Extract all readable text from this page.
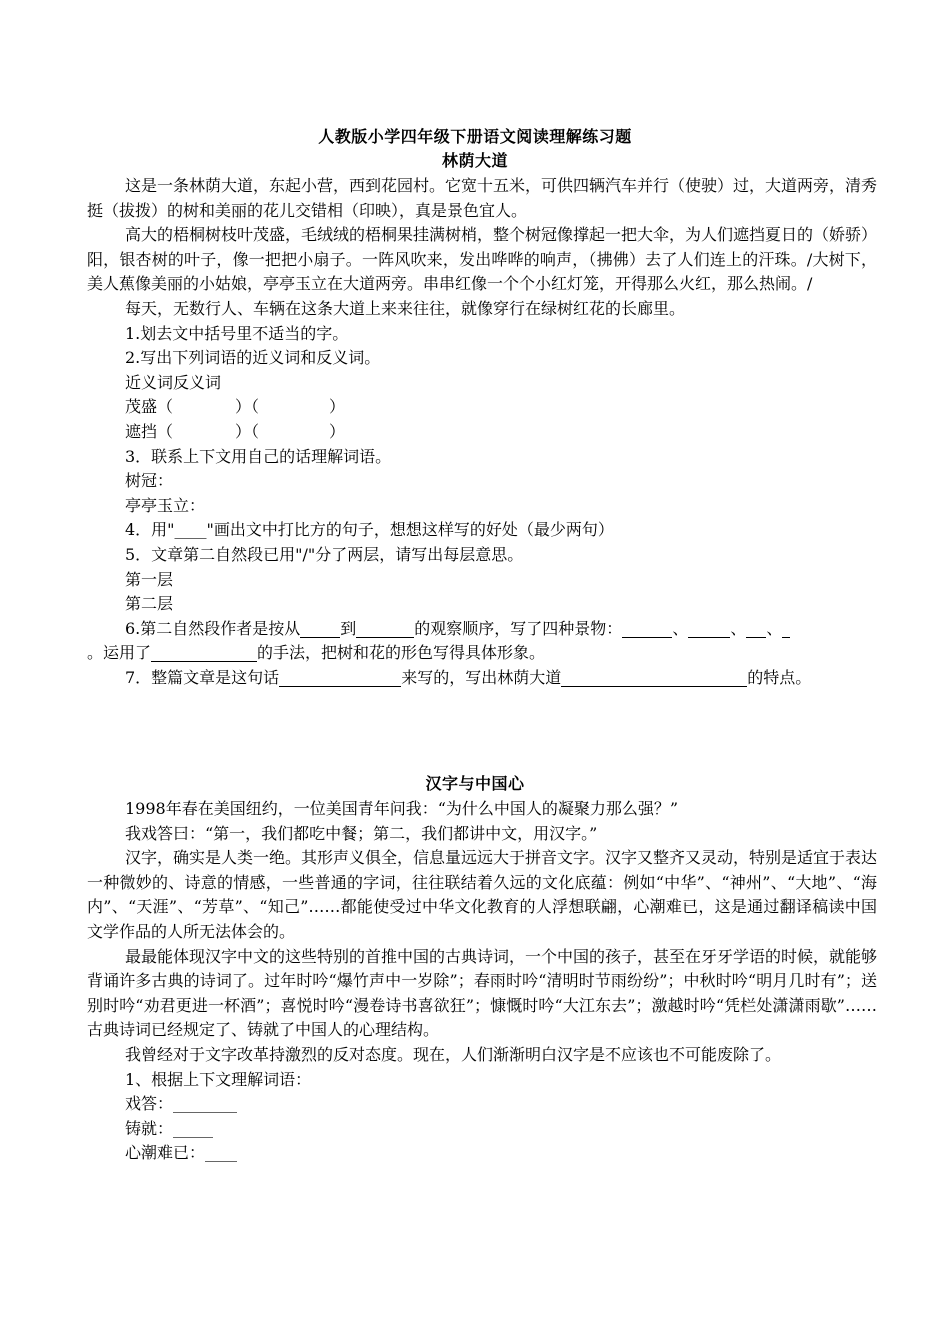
人教版小学四年级下册语文阅读理解练习题
林荫大道

这是一条林荫大道，东起小营，西到花园村。它宽十五米，可供四辆汽车并行（使驶）过，大道两旁，清秀挺（拔拨）的树和美丽的花儿交错相（印映），真是景色宜人。

高大的梧桐树枝叶茂盛，毛绒绒的梧桐果挂满树梢，整个树冠像撑起一把大伞，为人们遮挡夏日的（娇骄）阳，银杏树的叶子，像一把把小扇子。一阵风吹来，发出哗哗的响声，（拂佛）去了人们连上的汗珠。/大树下，美人蕉像美丽的小姑娘，亭亭玉立在大道两旁。串串红像一个个小红灯笼，开得那么火红，那么热闹。/

每天，无数行人、车辆在这条大道上来来往往，就像穿行在绿树红花的长廊里。

1.划去文中括号里不适当的字。

2.写出下列词语的近义词和反义词。

近义词反义词

茂盛（	）（	）

遮挡（	）（	）

3．联系上下文用自己的话理解词语。

树冠：

亭亭玉立：

4．用"____"画出文中打比方的句子，想想这样写的好处（最少两句）

5．文章第二自然段已用"/"分了两层，请写出每层意思。

第一层

第二层

6.第二自然段作者是按从	到	的观察顺序，写了四种景物：	、	、 、

。运用了	的手法，把树和花的形色写得具体形象。

7．整篇文章是这句话	来写的，写出林荫大道	的特点。

汉字与中国心

1998年春在美国纽约，一位美国青年问我：“为什么中国人的凝聚力那么强？”

我戏答曰：“第一，我们都吃中餐；第二，我们都讲中文，用汉字。”

汉字，确实是人类一绝。其形声义俱全，信息量远远大于拼音文字。汉字又整齐又灵动，特别是适宜于表达一种微妙的、诗意的情感，一些普通的字词，往往联结着久远的文化底蕴：例如“中华”、“神州”、“大地”、“海内”、“天涯”、“芳草”、“知己”……都能使受过中华文化教育的人浮想联翩，心潮难已，这是通过翻译稿读中国文学作品的人所无法体会的。

最最能体现汉字中文的这些特别的首推中国的古典诗词，一个中国的孩子，甚至在牙牙学语的时候，就能够背诵许多古典的诗词了。过年时吟“爆竹声中一岁除”；春雨时吟“清明时节雨纷纷”；中秋时吟“明月几时有”；送别时吟“劝君更进一杯酒”；喜悦时吟“漫卷诗书喜欲狂”；慷慨时吟“大江东去”；激越时吟“凭栏处潇潇雨歇”……古典诗词已经规定了、铸就了中国人的心理结构。

我曾经对于文字改革持激烈的反对态度。现在，人们渐渐明白汉字是不应该也不可能废除了。

1、根据上下文理解词语：

戏答：________

铸就：_____

心潮难已：____
